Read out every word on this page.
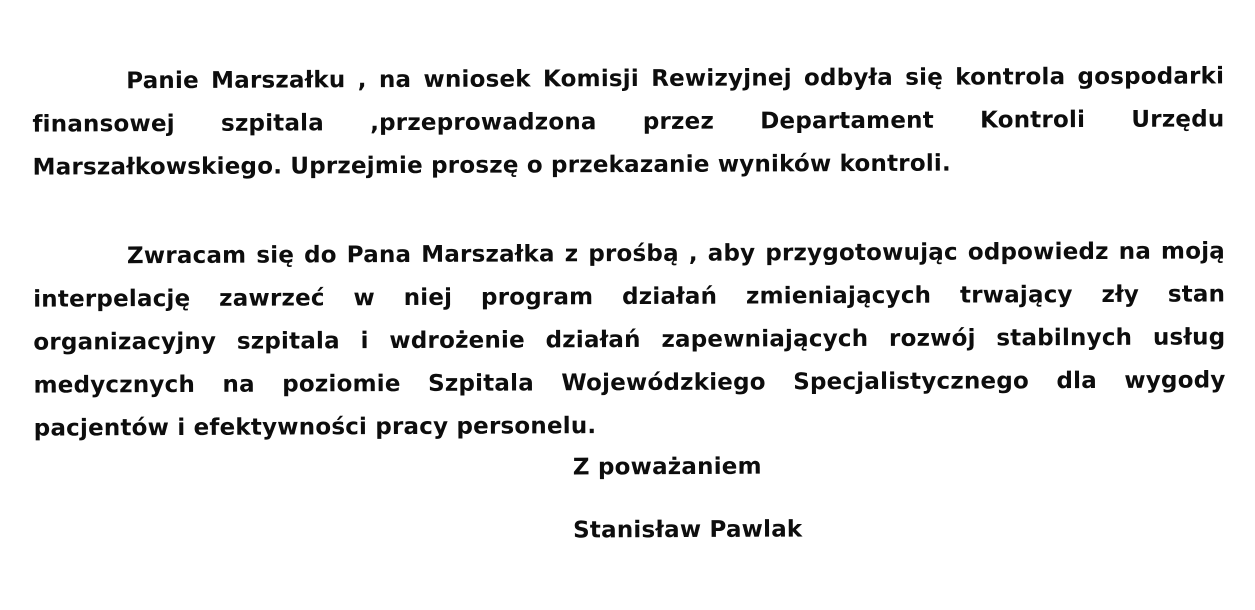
Panie Marszałku , na wniosek Komisji Rewizyjnej odbyła się kontrola gospodarki finansowej szpitala ,przeprowadzona przez Departament Kontroli Urzędu Marszałkowskiego. Uprzejmie proszę o przekazanie wyników kontroli.

Zwracam się do Pana Marszałka z prośbą , aby przygotowując odpowiedz na moją interpelację zawrzeć w niej program działań zmieniających trwający zły stan organizacyjny szpitala i wdrożenie działań zapewniających rozwój stabilnych usług medycznych na poziomie Szpitala Wojewódzkiego Specjalistycznego dla wygody pacjentów i efektywności pracy personelu.

Z poważaniem
Stanisław Pawlak
